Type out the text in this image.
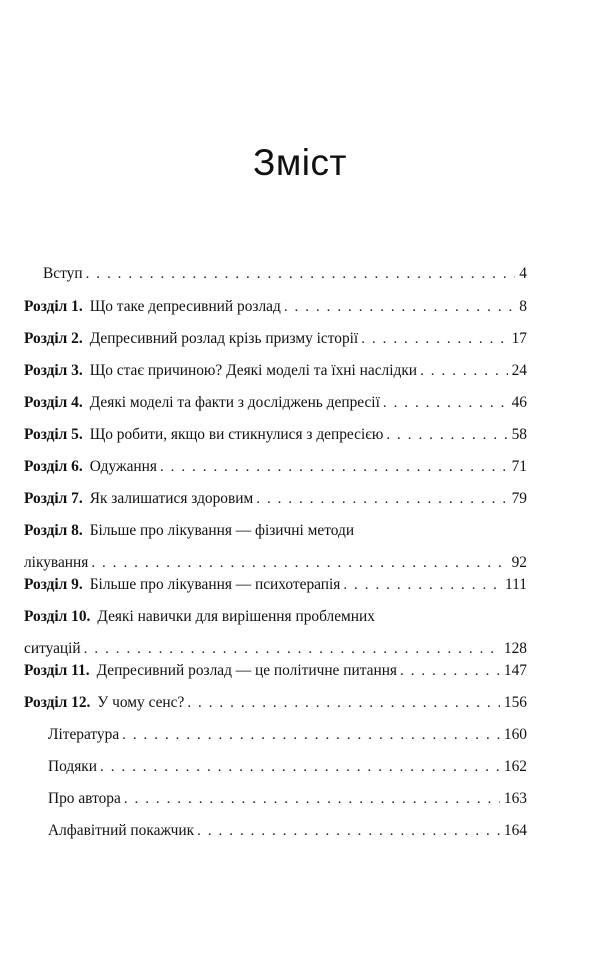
Зміст
Вступ . . .	4
Розділ 1. Що таке депресивний розлад . . .	8
Розділ 2. Депресивний розлад крізь призму історії . . .	17
Розділ 3. Що стає причиною? Деякі моделі та їхні наслідки . . .	24
Розділ 4. Деякі моделі та факти з досліджень депресії . . .	46
Розділ 5. Що робити, якщо ви стикнулися з депресією . . .	58
Розділ 6. Одужання . . .	71
Розділ 7. Як залишатися здоровим . . .	79
Розділ 8. Більше про лікування — фізичні методи
лікування . . .	92
Розділ 9. Більше про лікування — психотерапія . . .	111
Розділ 10. Деякі навички для вирішення проблемних
ситуацій . . .	128
Розділ 11. Депресивний розлад — це політичне питання . . .	147
Розділ 12. У чому сенс? . . .	156
Література . . .	160
Подяки . . .	162
Про автора . . .	163
Алфавітний покажчик . . .	164
